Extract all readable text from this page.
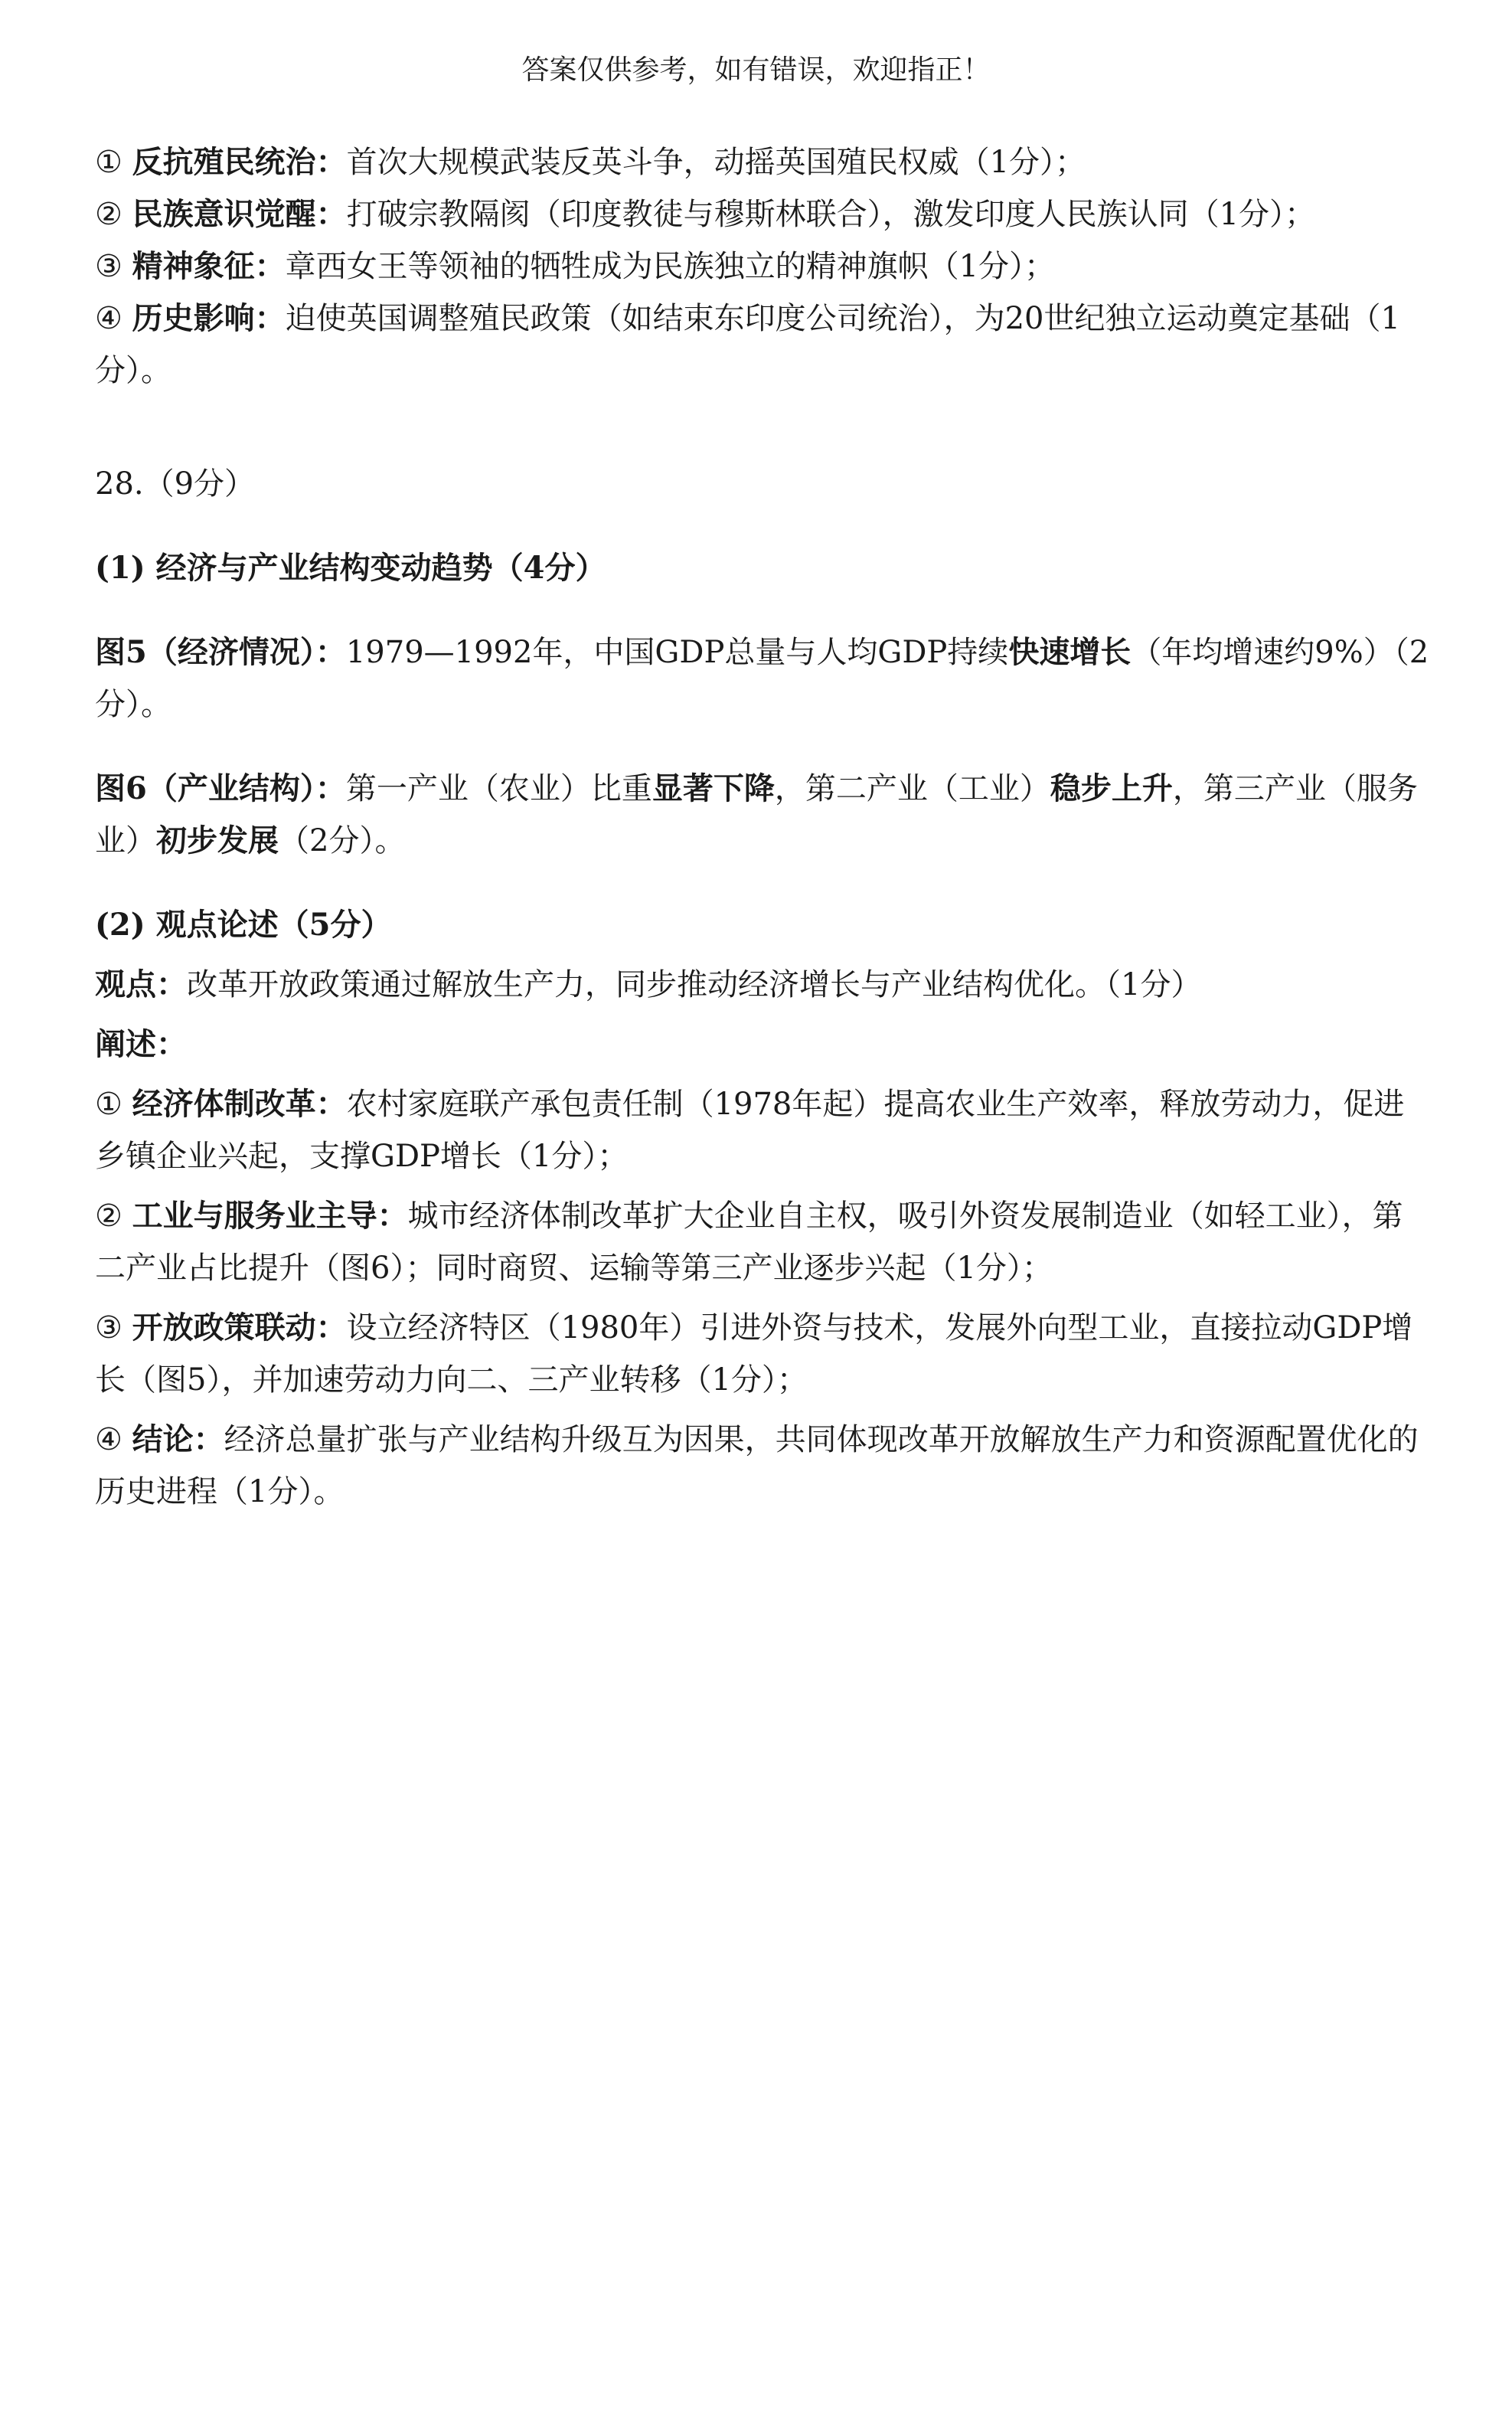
答案仅供参考，如有错误，欢迎指正！

① 反抗殖民统治：首次大规模武装反英斗争，动摇英国殖民权威（1分）；

② 民族意识觉醒：打破宗教隔阂（印度教徒与穆斯林联合），激发印度人民族认同（1分）；

③ 精神象征：章西女王等领袖的牺牲成为民族独立的精神旗帜（1分）；

④ 历史影响：迫使英国调整殖民政策（如结束东印度公司统治），为20世纪独立运动奠定基础（1分）。

28.（9分）

(1) 经济与产业结构变动趋势（4分）

图5（经济情况）：1979—1992年，中国GDP总量与人均GDP持续快速增长（年均增速约9%）（2分）。

图6（产业结构）：第一产业（农业）比重显著下降，第二产业（工业）稳步上升，第三产业（服务业）初步发展（2分）。

(2) 观点论述（5分）

观点：改革开放政策通过解放生产力，同步推动经济增长与产业结构优化。（1分）

阐述：

① 经济体制改革：农村家庭联产承包责任制（1978年起）提高农业生产效率，释放劳动力，促进乡镇企业兴起，支撑GDP增长（1分）；

② 工业与服务业主导：城市经济体制改革扩大企业自主权，吸引外资发展制造业（如轻工业），第二产业占比提升（图6）；同时商贸、运输等第三产业逐步兴起（1分）；

③ 开放政策联动：设立经济特区（1980年）引进外资与技术，发展外向型工业，直接拉动GDP增长（图5），并加速劳动力向二、三产业转移（1分）；

④ 结论：经济总量扩张与产业结构升级互为因果，共同体现改革开放解放生产力和资源配置优化的历史进程（1分）。
